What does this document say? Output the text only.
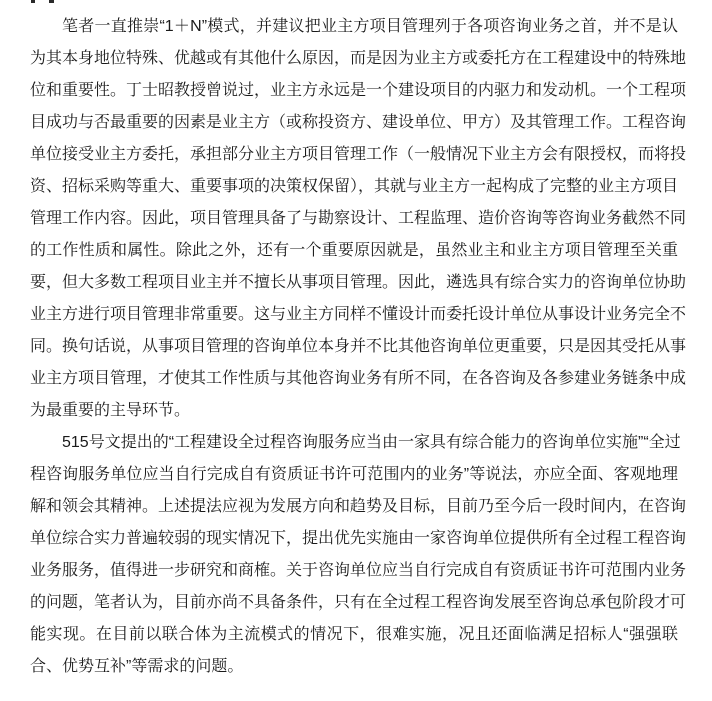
笔者一直推崇“1＋N”模式，并建议把业主方项目管理列于各项咨询业务之首，并不是认
为其本身地位特殊、优越或有其他什么原因，而是因为业主方或委托方在工程建设中的特殊地
位和重要性。丁士昭教授曾说过，业主方永远是一个建设项目的内驱力和发动机。一个工程项
目成功与否最重要的因素是业主方（或称投资方、建设单位、甲方）及其管理工作。工程咨询
单位接受业主方委托，承担部分业主方项目管理工作（一般情况下业主方会有限授权，而将投
资、招标采购等重大、重要事项的决策权保留），其就与业主方一起构成了完整的业主方项目
管理工作内容。因此，项目管理具备了与勘察设计、工程监理、造价咨询等咨询业务截然不同
的工作性质和属性。除此之外，还有一个重要原因就是，虽然业主和业主方项目管理至关重
要，但大多数工程项目业主并不擅长从事项目管理。因此，遴选具有综合实力的咨询单位协助
业主方进行项目管理非常重要。这与业主方同样不懂设计而委托设计单位从事设计业务完全不
同。换句话说，从事项目管理的咨询单位本身并不比其他咨询单位更重要，只是因其受托从事
业主方项目管理，才使其工作性质与其他咨询业务有所不同，在各咨询及各参建业务链条中成
为最重要的主导环节。
515号文提出的“工程建设全过程咨询服务应当由一家具有综合能力的咨询单位实施”“全过
程咨询服务单位应当自行完成自有资质证书许可范围内的业务”等说法，亦应全面、客观地理
解和领会其精神。上述提法应视为发展方向和趋势及目标，目前乃至今后一段时间内，在咨询
单位综合实力普遍较弱的现实情况下，提出优先实施由一家咨询单位提供所有全过程工程咨询
业务服务，值得进一步研究和商榷。关于咨询单位应当自行完成自有资质证书许可范围内业务
的问题，笔者认为，目前亦尚不具备条件，只有在全过程工程咨询发展至咨询总承包阶段才可
能实现。在目前以联合体为主流模式的情况下，很难实施，况且还面临满足招标人“强强联
合、优势互补”等需求的问题。
